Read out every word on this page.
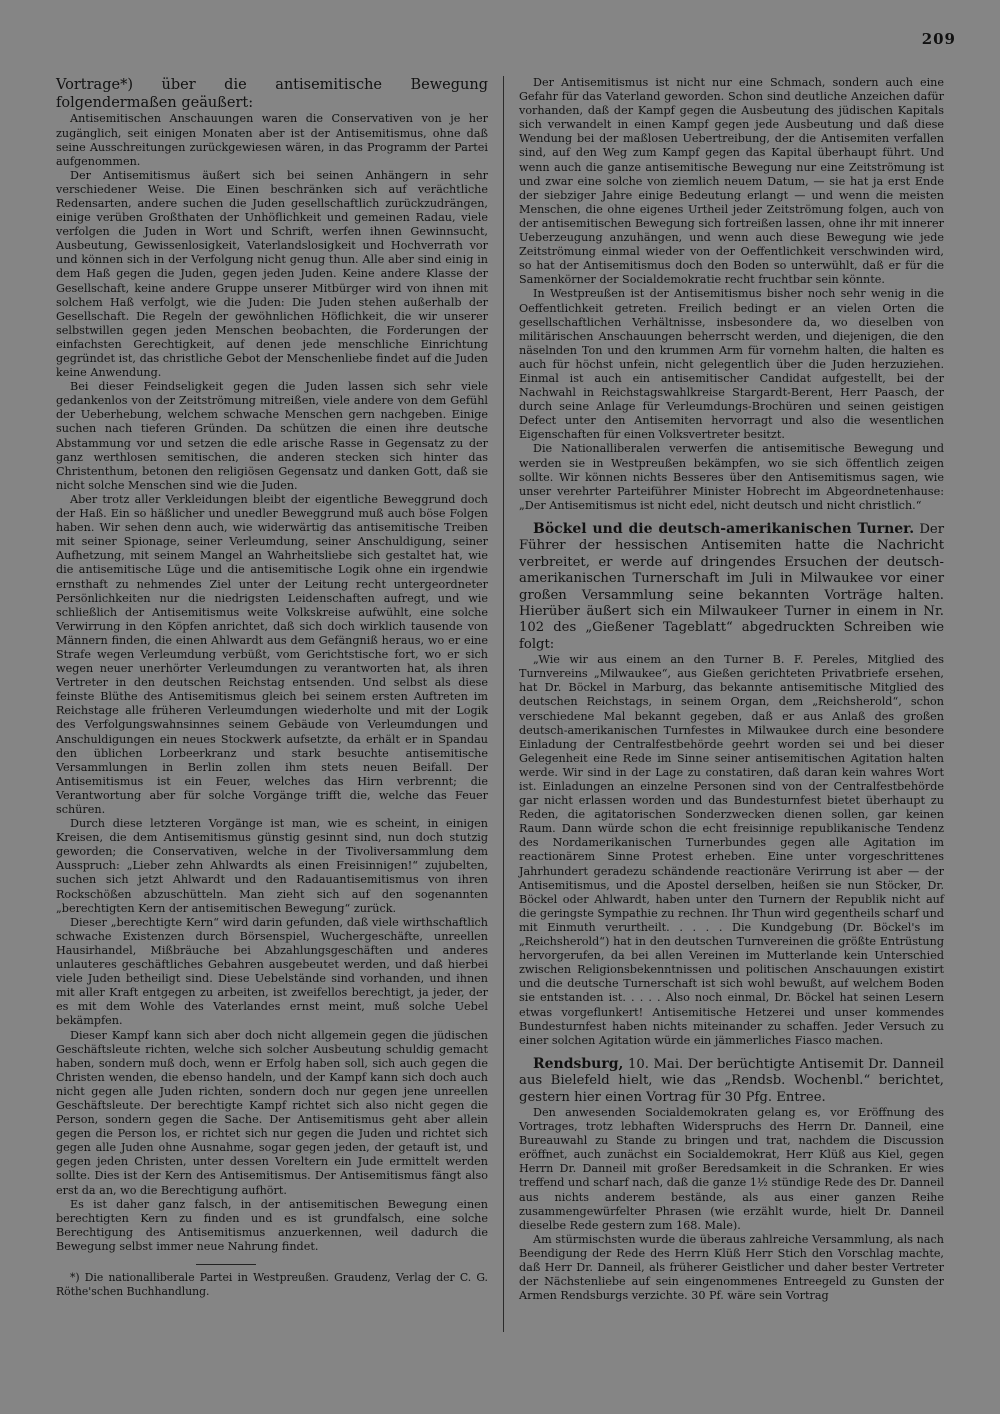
209

Vortrage*) über die antisemitische Bewegung folgendermaßen geäußert:

Antisemitischen Anschauungen waren die Conservativen von je her zugänglich, seit einigen Monaten aber ist der Antisemitismus, ohne daß seine Ausschreitungen zurückgewiesen wären, in das Programm der Partei aufgenommen.

Der Antisemitismus äußert sich bei seinen Anhängern in sehr verschiedener Weise. Die Einen beschränken sich auf verächtliche Redensarten, andere suchen die Juden gesellschaftlich zurückzudrängen, einige verüben Großthaten der Unhöflichkeit und gemeinen Radau, viele verfolgen die Juden in Wort und Schrift, werfen ihnen Gewinnsucht, Ausbeutung, Gewissenlosigkeit, Vaterlandslosigkeit und Hochverrath vor und können sich in der Verfolgung nicht genug thun. Alle aber sind einig in dem Haß gegen die Juden, gegen jeden Juden. Keine andere Klasse der Gesellschaft, keine andere Gruppe unserer Mitbürger wird von ihnen mit solchem Haß verfolgt, wie die Juden: Die Juden stehen außerhalb der Gesellschaft. Die Regeln der gewöhnlichen Höflichkeit, die wir unserer selbstwillen gegen jeden Menschen beobachten, die Forderungen der einfachsten Gerechtigkeit, auf denen jede menschliche Einrichtung gegründet ist, das christliche Gebot der Menschenliebe findet auf die Juden keine Anwendung.

Bei dieser Feindseligkeit gegen die Juden lassen sich sehr viele gedankenlos von der Zeitströmung mitreißen, viele andere von dem Gefühl der Ueberhebung, welchem schwache Menschen gern nachgeben. Einige suchen nach tieferen Gründen. Da schützen die einen ihre deutsche Abstammung vor und setzen die edle arische Rasse in Gegensatz zu der ganz werthlosen semitischen, die anderen stecken sich hinter das Christenthum, betonen den religiösen Gegensatz und danken Gott, daß sie nicht solche Menschen sind wie die Juden.

Aber trotz aller Verkleidungen bleibt der eigentliche Beweggrund doch der Haß. Ein so häßlicher und unedler Beweggrund muß auch böse Folgen haben. Wir sehen denn auch, wie widerwärtig das antisemitische Treiben mit seiner Spionage, seiner Verleumdung, seiner Anschuldigung, seiner Aufhetzung, mit seinem Mangel an Wahrheitsliebe sich gestaltet hat, wie die antisemitische Lüge und die antisemitische Logik ohne ein irgendwie ernsthaft zu nehmendes Ziel unter der Leitung recht untergeordneter Persönlichkeiten nur die niedrigsten Leidenschaften aufregt, und wie schließlich der Antisemitismus weite Volkskreise aufwühlt, eine solche Verwirrung in den Köpfen anrichtet, daß sich doch wirklich tausende von Männern finden, die einen Ahlwardt aus dem Gefängniß heraus, wo er eine Strafe wegen Verleumdung verbüßt, vom Gerichtstische fort, wo er sich wegen neuer unerhörter Verleumdungen zu verantworten hat, als ihren Vertreter in den deutschen Reichstag entsenden. Und selbst als diese feinste Blüthe des Antisemitismus gleich bei seinem ersten Auftreten im Reichstage alle früheren Verleumdungen wiederholte und mit der Logik des Verfolgungswahnsinnes seinem Gebäude von Verleumdungen und Anschuldigungen ein neues Stockwerk aufsetzte, da erhält er in Spandau den üblichen Lorbeerkranz und stark besuchte antisemitische Versammlungen in Berlin zollen ihm stets neuen Beifall. Der Antisemitismus ist ein Feuer, welches das Hirn verbrennt; die Verantwortung aber für solche Vorgänge trifft die, welche das Feuer schüren.

Durch diese letzteren Vorgänge ist man, wie es scheint, in einigen Kreisen, die dem Antisemitismus günstig gesinnt sind, nun doch stutzig geworden; die Conservativen, welche in der Tivoliversammlung dem Ausspruch: „Lieber zehn Ahlwardts als einen Freisinnigen!“ zujubelten, suchen sich jetzt Ahlwardt und den Radauantisemitismus von ihren Rockschößen abzuschütteln. Man zieht sich auf den sogenannten „berechtigten Kern der antisemitischen Bewegung“ zurück.

Dieser „berechtigte Kern“ wird darin gefunden, daß viele wirthschaftlich schwache Existenzen durch Börsenspiel, Wuchergeschäfte, unreellen Hausirhandel, Mißbräuche bei Abzahlungsgeschäften und anderes unlauteres geschäftliches Gebahren ausgebeutet werden, und daß hierbei viele Juden betheiligt sind. Diese Uebelstände sind vorhanden, und ihnen mit aller Kraft entgegen zu arbeiten, ist zweifellos berechtigt, ja jeder, der es mit dem Wohle des Vaterlandes ernst meint, muß solche Uebel bekämpfen.

Dieser Kampf kann sich aber doch nicht allgemein gegen die jüdischen Geschäftsleute richten, welche sich solcher Ausbeutung schuldig gemacht haben, sondern muß doch, wenn er Erfolg haben soll, sich auch gegen die Christen wenden, die ebenso handeln, und der Kampf kann sich doch auch nicht gegen alle Juden richten, sondern doch nur gegen jene unreellen Geschäftsleute. Der berechtigte Kampf richtet sich also nicht gegen die Person, sondern gegen die Sache. Der Antisemitismus geht aber allein gegen die Person los, er richtet sich nur gegen die Juden und richtet sich gegen alle Juden ohne Ausnahme, sogar gegen jeden, der getauft ist, und gegen jeden Christen, unter dessen Voreltern ein Jude ermittelt werden sollte. Dies ist der Kern des Antisemitismus. Der Antisemitismus fängt also erst da an, wo die Berechtigung aufhört.

Es ist daher ganz falsch, in der antisemitischen Bewegung einen berechtigten Kern zu finden und es ist grundfalsch, eine solche Berechtigung des Antisemitismus anzuerkennen, weil dadurch die Bewegung selbst immer neue Nahrung findet.

*) Die nationalliberale Partei in Westpreußen. Graudenz, Verlag der C. G. Röthe'schen Buchhandlung.

Der Antisemitismus ist nicht nur eine Schmach, sondern auch eine Gefahr für das Vaterland geworden. Schon sind deutliche Anzeichen dafür vorhanden, daß der Kampf gegen die Ausbeutung des jüdischen Kapitals sich verwandelt in einen Kampf gegen jede Ausbeutung und daß diese Wendung bei der maßlosen Uebertreibung, der die Antisemiten verfallen sind, auf den Weg zum Kampf gegen das Kapital überhaupt führt. Und wenn auch die ganze antisemitische Bewegung nur eine Zeitströmung ist und zwar eine solche von ziemlich neuem Datum, — sie hat ja erst Ende der siebziger Jahre einige Bedeutung erlangt — und wenn die meisten Menschen, die ohne eigenes Urtheil jeder Zeitströmung folgen, auch von der antisemitischen Bewegung sich fortreißen lassen, ohne ihr mit innerer Ueberzeugung anzuhängen, und wenn auch diese Bewegung wie jede Zeitströmung einmal wieder von der Oeffentlichkeit verschwinden wird, so hat der Antisemitismus doch den Boden so unterwühlt, daß er für die Samenkörner der Socialdemokratie recht fruchtbar sein könnte.

In Westpreußen ist der Antisemitismus bisher noch sehr wenig in die Oeffentlichkeit getreten. Freilich bedingt er an vielen Orten die gesellschaftlichen Verhältnisse, insbesondere da, wo dieselben von militärischen Anschauungen beherrscht werden, und diejenigen, die den näselnden Ton und den krummen Arm für vornehm halten, die halten es auch für höchst unfein, nicht gelegentlich über die Juden herzuziehen. Einmal ist auch ein antisemitischer Candidat aufgestellt, bei der Nachwahl in Reichstagswahlkreise Stargardt-Berent, Herr Paasch, der durch seine Anlage für Verleumdungs-Brochüren und seinen geistigen Defect unter den Antisemiten hervorragt und also die wesentlichen Eigenschaften für einen Volksvertreter besitzt.

Die Nationalliberalen verwerfen die antisemitische Bewegung und werden sie in Westpreußen bekämpfen, wo sie sich öffentlich zeigen sollte. Wir können nichts Besseres über den Antisemitismus sagen, wie unser verehrter Parteiführer Minister Hobrecht im Abgeordnetenhause: „Der Antisemitismus ist nicht edel, nicht deutsch und nicht christlich.“

Böckel und die deutsch-amerikanischen Turner. Der Führer der hessischen Antisemiten hatte die Nachricht verbreitet, er werde auf dringendes Ersuchen der deutsch-amerikanischen Turnerschaft im Juli in Milwaukee vor einer großen Versammlung seine bekannten Vorträge halten. Hierüber äußert sich ein Milwaukeer Turner in einem in Nr. 102 des „Gießener Tageblatt“ abgedruckten Schreiben wie folgt:

„Wie wir aus einem an den Turner B. F. Pereles, Mitglied des Turnvereins „Milwaukee“, aus Gießen gerichteten Privatbriefe ersehen, hat Dr. Böckel in Marburg, das bekannte antisemitische Mitglied des deutschen Reichstags, in seinem Organ, dem „Reichsherold“, schon verschiedene Mal bekannt gegeben, daß er aus Anlaß des großen deutsch-amerikanischen Turnfestes in Milwaukee durch eine besondere Einladung der Centralfestbehörde geehrt worden sei und bei dieser Gelegenheit eine Rede im Sinne seiner antisemitischen Agitation halten werde. Wir sind in der Lage zu constatiren, daß daran kein wahres Wort ist. Einladungen an einzelne Personen sind von der Centralfestbehörde gar nicht erlassen worden und das Bundesturnfest bietet überhaupt zu Reden, die agitatorischen Sonderzwecken dienen sollen, gar keinen Raum. Dann würde schon die echt freisinnige republikanische Tendenz des Nordamerikanischen Turnerbundes gegen alle Agitation im reactionärem Sinne Protest erheben. Eine unter vorgeschrittenes Jahrhundert geradezu schändende reactionäre Verirrung ist aber — der Antisemitismus, und die Apostel derselben, heißen sie nun Stöcker, Dr. Böckel oder Ahlwardt, haben unter den Turnern der Republik nicht auf die geringste Sympathie zu rechnen. Ihr Thun wird gegentheils scharf und mit Einmuth verurtheilt. . . . . Die Kundgebung (Dr. Böckel's im „Reichsherold“) hat in den deutschen Turnvereinen die größte Entrüstung hervorgerufen, da bei allen Vereinen im Mutterlande kein Unterschied zwischen Religionsbekenntnissen und politischen Anschauungen existirt und die deutsche Turnerschaft ist sich wohl bewußt, auf welchem Boden sie entstanden ist. . . . . Also noch einmal, Dr. Böckel hat seinen Lesern etwas vorgeflunkert! Antisemitische Hetzerei und unser kommendes Bundesturnfest haben nichts miteinander zu schaffen. Jeder Versuch zu einer solchen Agitation würde ein jämmerliches Fiasco machen.

Rendsburg, 10. Mai. Der berüchtigte Antisemit Dr. Danneil aus Bielefeld hielt, wie das „Rendsb. Wochenbl.“ berichtet, gestern hier einen Vortrag für 30 Pfg. Entree.

Den anwesenden Socialdemokraten gelang es, vor Eröffnung des Vortrages, trotz lebhaften Widerspruchs des Herrn Dr. Danneil, eine Bureauwahl zu Stande zu bringen und trat, nachdem die Discussion eröffnet, auch zunächst ein Socialdemokrat, Herr Klüß aus Kiel, gegen Herrn Dr. Danneil mit großer Beredsamkeit in die Schranken. Er wies treffend und scharf nach, daß die ganze 1½ stündige Rede des Dr. Danneil aus nichts anderem bestände, als aus einer ganzen Reihe zusammengewürfelter Phrasen (wie erzählt wurde, hielt Dr. Danneil dieselbe Rede gestern zum 168. Male).

Am stürmischsten wurde die überaus zahlreiche Versammlung, als nach Beendigung der Rede des Herrn Klüß Herr Stich den Vorschlag machte, daß Herr Dr. Danneil, als früherer Geistlicher und daher bester Vertreter der Nächstenliebe auf sein eingenommenes Entreegeld zu Gunsten der Armen Rendsburgs verzichte. 30 Pf. wäre sein Vortrag
